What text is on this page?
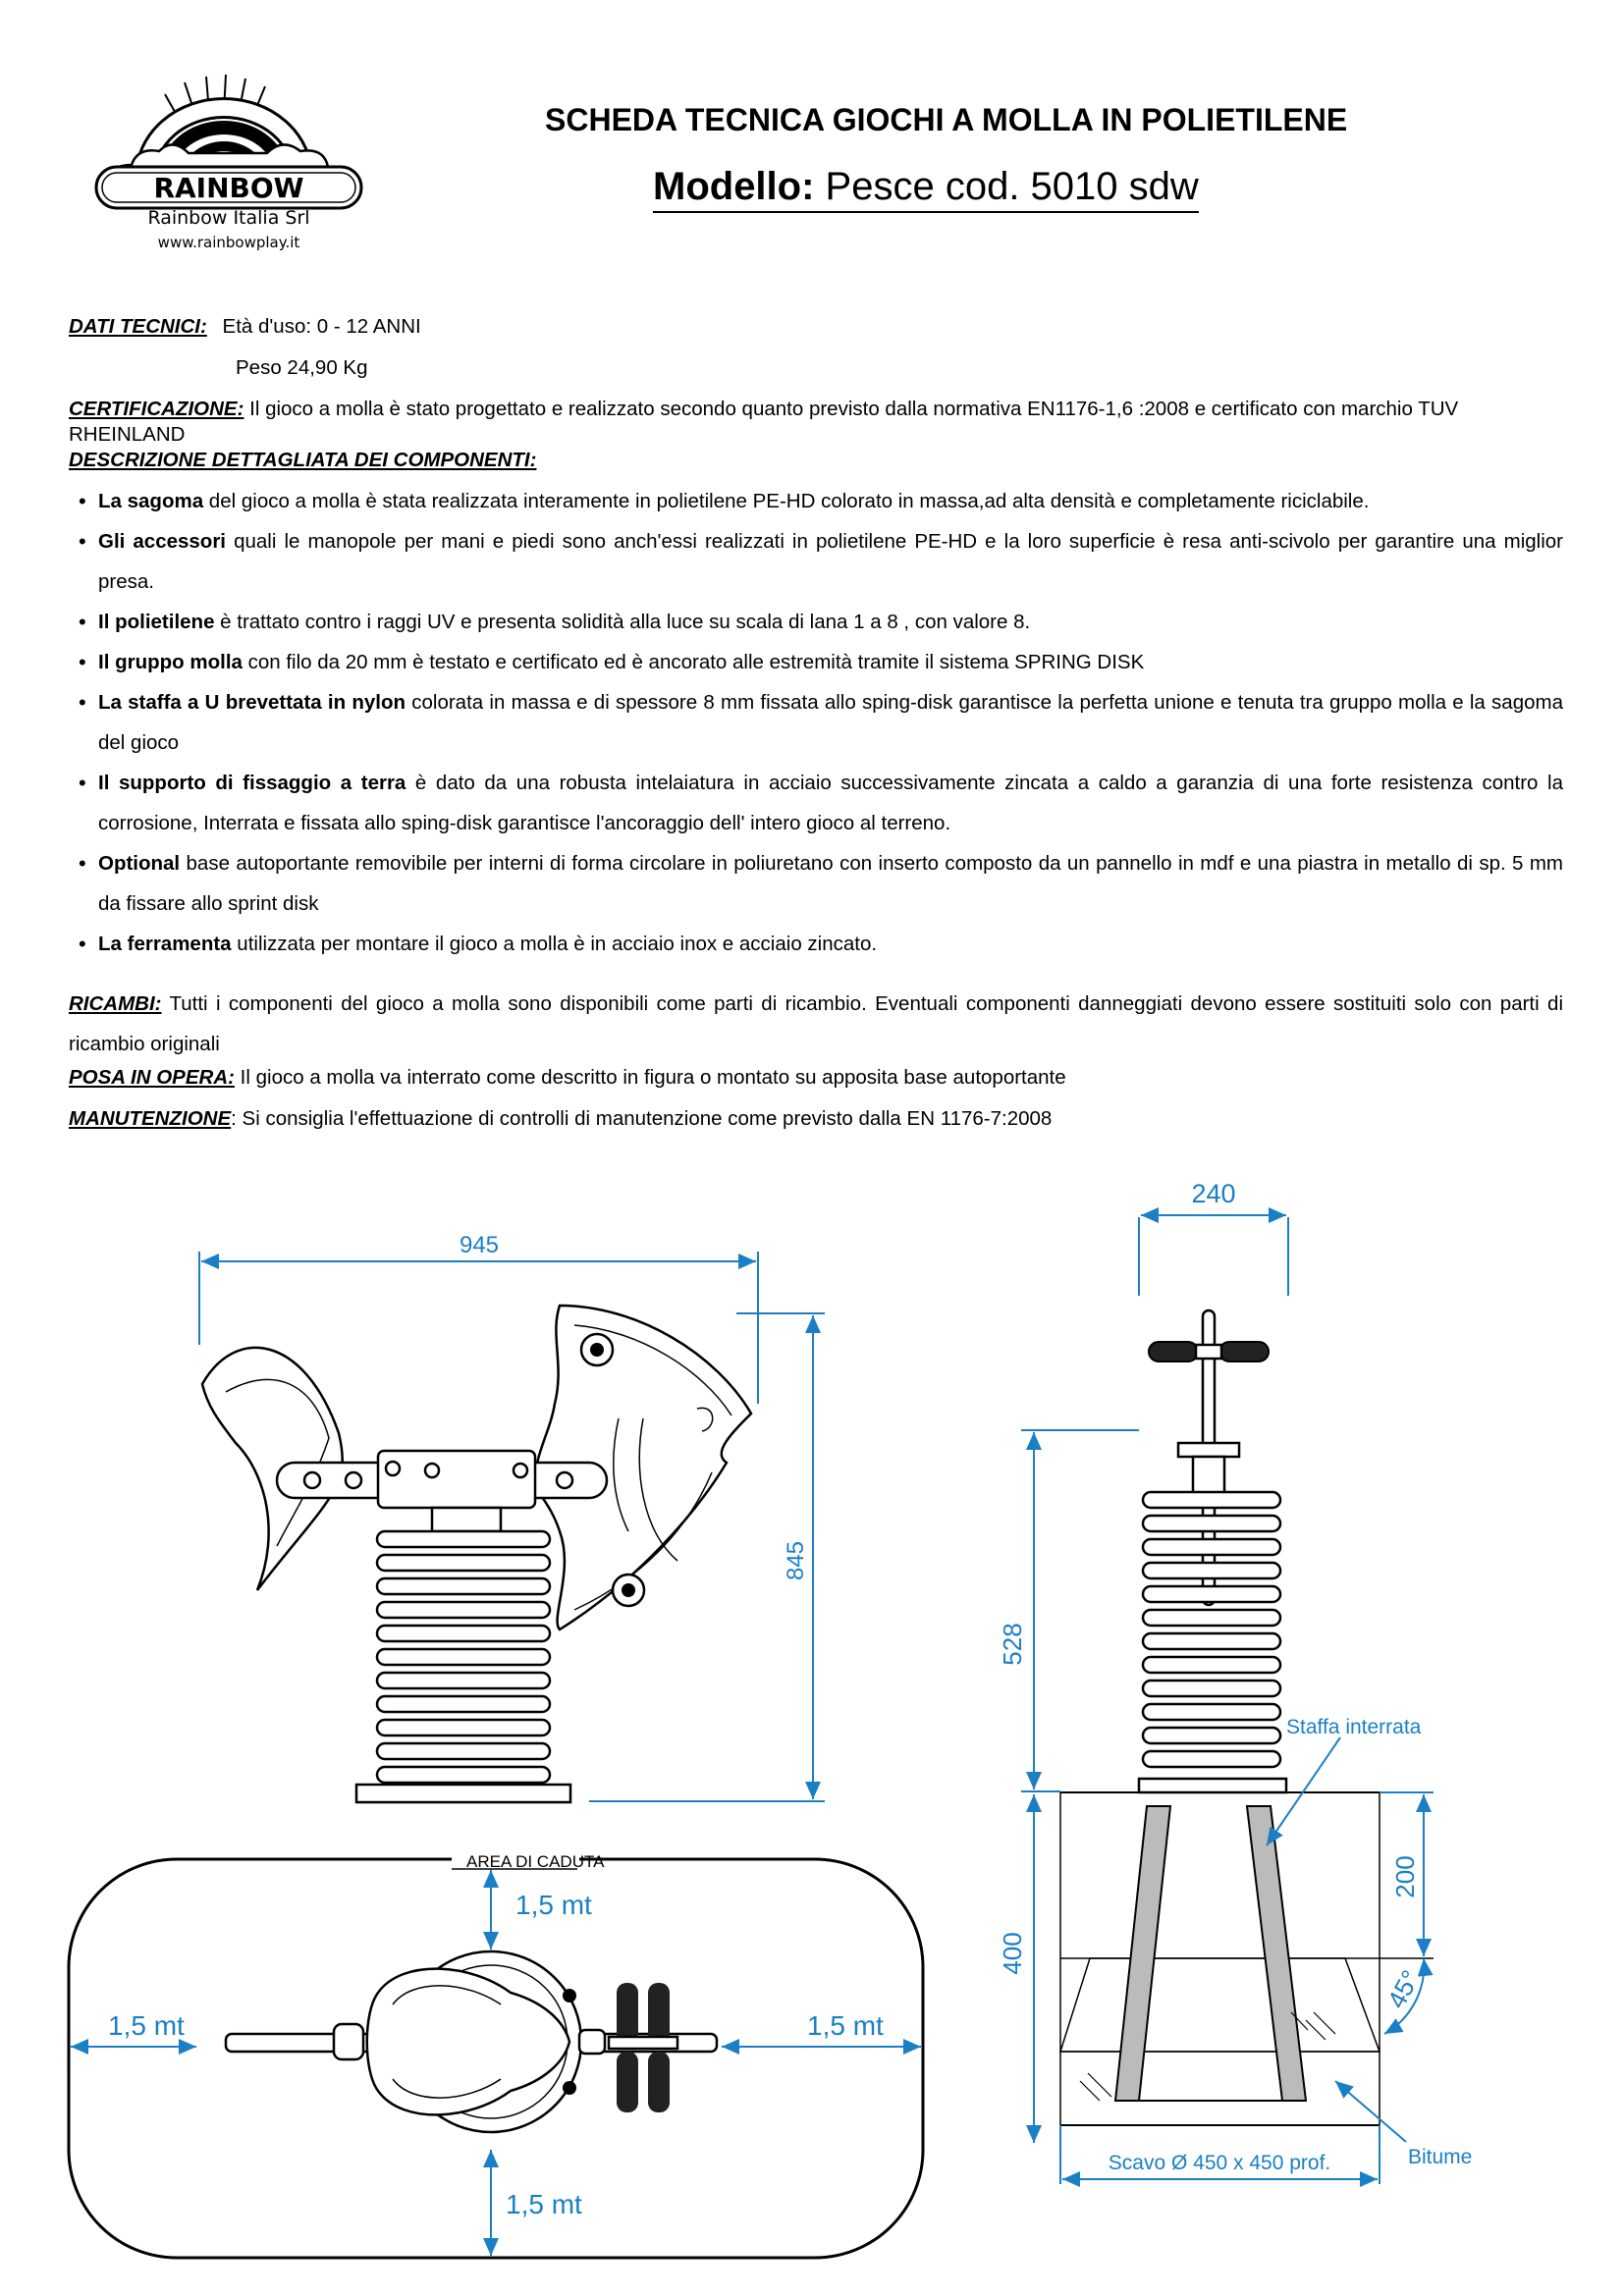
RAINBOW
Rainbow Italia Srl
www.rainbowplay.it
SCHEDA TECNICA GIOCHI A MOLLA IN POLIETILENE
Modello: Pesce cod. 5010 sdw
DATI TECNICI: Età d'uso: 0 - 12 ANNI
Peso 24,90 Kg
CERTIFICAZIONE: Il gioco a molla è stato progettato e realizzato secondo quanto previsto dalla normativa EN1176-1,6 :2008 e certificato con marchio TUV RHEINLAND
DESCRIZIONE DETTAGLIATA DEI COMPONENTI:
• La sagoma del gioco a molla è stata realizzata interamente in polietilene PE-HD colorato in massa,ad alta densità e completamente riciclabile.
• Gli accessori quali le manopole per mani e piedi sono anch'essi realizzati in polietilene PE-HD e la loro superficie è resa anti-scivolo per garantire una miglior presa.
• Il polietilene è trattato contro i raggi UV e presenta solidità alla luce su scala di lana 1 a 8 , con valore 8.
• Il gruppo molla con filo da 20 mm è testato e certificato ed è ancorato alle estremità tramite il sistema SPRING DISK
• La staffa a U brevettata in nylon colorata in massa e di spessore 8 mm fissata allo sping-disk garantisce la perfetta unione e tenuta tra gruppo molla e la sagoma del gioco
• Il supporto di fissaggio a terra è dato da una robusta intelaiatura in acciaio successivamente zincata a caldo a garanzia di una forte resistenza contro la corrosione, Interrata e fissata allo sping-disk garantisce l'ancoraggio dell' intero gioco al terreno.
• Optional base autoportante removibile per interni di forma circolare in poliuretano con inserto composto da un pannello in mdf e una piastra in metallo di sp. 5 mm da fissare allo sprint disk
• La ferramenta utilizzata per montare il gioco a molla è in acciaio inox e acciaio zincato.
RICAMBI: Tutti i componenti del gioco a molla sono disponibili come parti di ricambio. Eventuali componenti danneggiati devono essere sostituiti solo con parti di ricambio originali
POSA IN OPERA: Il gioco a molla va interrato come descritto in figura o montato su apposita base autoportante
MANUTENZIONE: Si consiglia l'effettuazione di controlli di manutenzione come previsto dalla EN 1176-7:2008
945
845
240
528
400
200
45°
Staffa interrata
Bitume
Scavo Ø 450 x 450 prof.
AREA DI CADUTA
1,5 mt
1,5 mt
1,5 mt	1,5 mt
